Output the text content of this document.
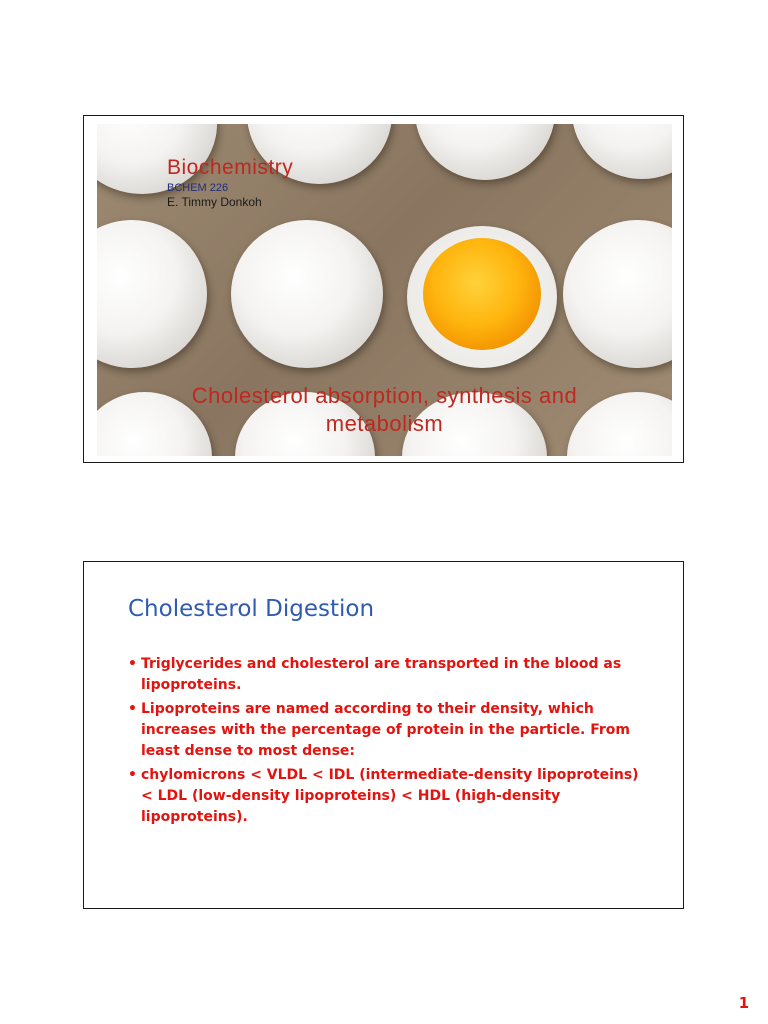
Biochemistry

BCHEM 226
E. Timmy Donkoh
Cholesterol absorption, synthesis and
metabolism
Cholesterol Digestion
• Triglycerides and cholesterol are transported in the blood as lipoproteins.
• Lipoproteins are named according to their density, which increases with the percentage of protein in the particle. From least dense to most dense:
• chylomicrons < VLDL < IDL (intermediate-density lipoproteins) < LDL (low-density lipoproteins) < HDL (high-density lipoproteins).
1
